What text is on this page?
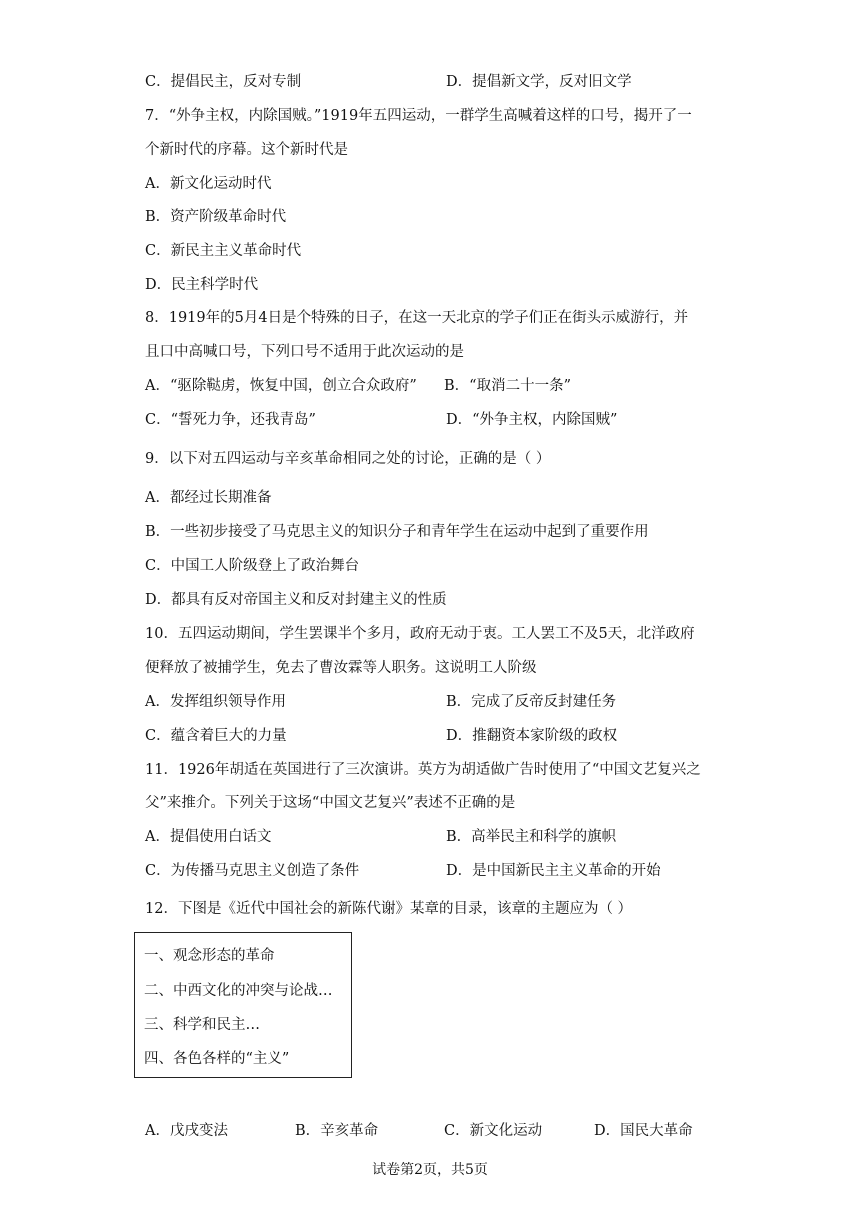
C．提倡民主，反对专制	D．提倡新文学，反对旧文学
7．“外争主权，内除国贼。”1919年五四运动，一群学生高喊着这样的口号，揭开了一
个新时代的序幕。这个新时代是
A．新文化运动时代
B．资产阶级革命时代
C．新民主主义革命时代
D．民主科学时代
8．1919年的5月4日是个特殊的日子，在这一天北京的学子们正在街头示威游行，并
且口中高喊口号，下列口号不适用于此次运动的是
A．“驱除鞑虏，恢复中国，创立合众政府” B．“取消二十一条”
C．“誓死力争，还我青岛”	D．“外争主权，内除国贼”
9．以下对五四运动与辛亥革命相同之处的讨论，正确的是（ ）
A．都经过长期准备
B．一些初步接受了马克思主义的知识分子和青年学生在运动中起到了重要作用
C．中国工人阶级登上了政治舞台
D．都具有反对帝国主义和反对封建主义的性质
10．五四运动期间，学生罢课半个多月，政府无动于衷。工人罢工不及5天，北洋政府
便释放了被捕学生，免去了曹汝霖等人职务。这说明工人阶级
A．发挥组织领导作用	B．完成了反帝反封建任务
C．蕴含着巨大的力量	D．推翻资本家阶级的政权
11．1926年胡适在英国进行了三次演讲。英方为胡适做广告时使用了“中国文艺复兴之
父”来推介。下列关于这场“中国文艺复兴”表述不正确的是
A．提倡使用白话文	B．高举民主和科学的旗帜
C．为传播马克思主义创造了条件	D．是中国新民主主义革命的开始
12．下图是《近代中国社会的新陈代谢》某章的目录，该章的主题应为（ ）
一、观念形态的革命
二、中西文化的冲突与论战…
三、科学和民主…
四、各色各样的“主义”
A．戊戌变法	B．辛亥革命	C．新文化运动	D．国民大革命
试卷第2页，共5页
